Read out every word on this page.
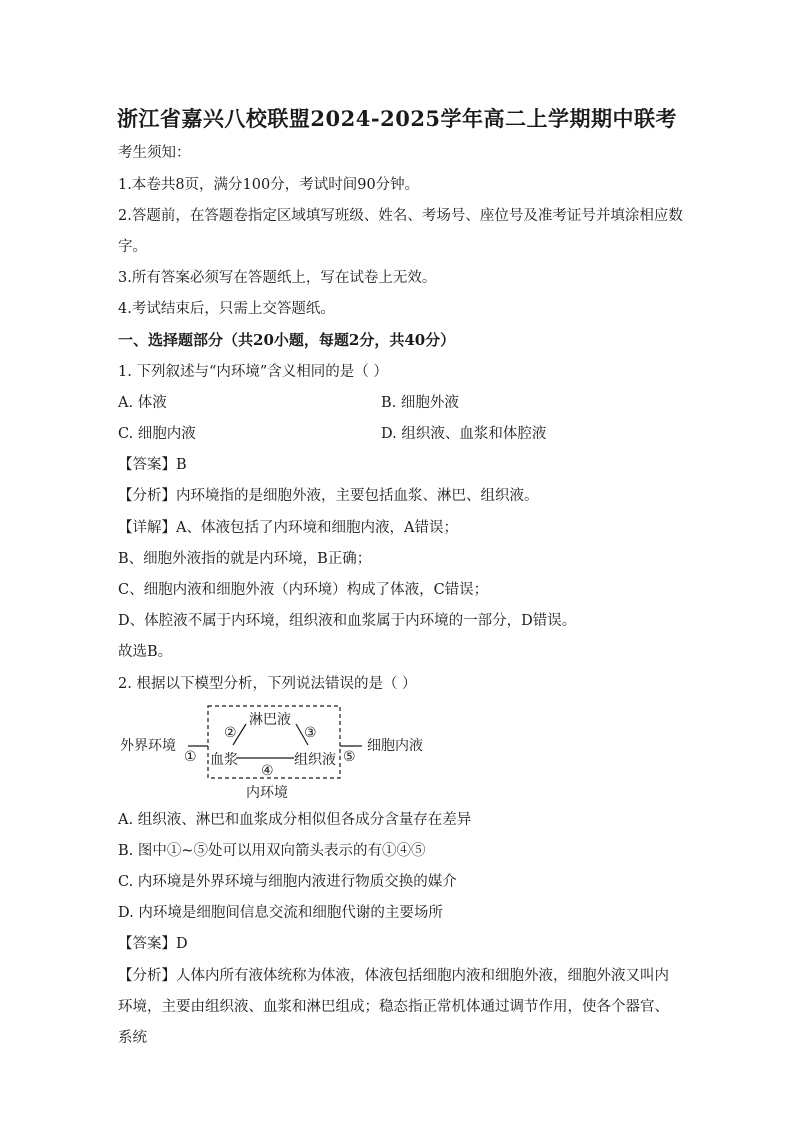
浙江省嘉兴八校联盟2024-2025学年高二上学期期中联考
考生须知：
1.本卷共8页，满分100分，考试时间90分钟。
2.答题前，在答题卷指定区域填写班级、姓名、考场号、座位号及准考证号并填涂相应数
字。
3.所有答案必须写在答题纸上，写在试卷上无效。
4.考试结束后，只需上交答题纸。
一、选择题部分（共20小题，每题2分，共40分）
1. 下列叙述与“内环境”含义相同的是（ ）
A. 体液	B. 细胞外液
C. 细胞内液	D. 组织液、血浆和体腔液
【答案】B
【分析】内环境指的是细胞外液，主要包括血浆、淋巴、组织液。
【详解】A、体液包括了内环境和细胞内液，A错误；
B、细胞外液指的就是内环境，B正确；
C、细胞内液和细胞外液（内环境）构成了体液，C错误；
D、体腔液不属于内环境，组织液和血浆属于内环境的一部分，D错误。
故选B。
2. 根据以下模型分析，下列说法错误的是（ ）
外界环境
淋巴液
血浆	组织液
细胞内液
内环境
①
②	③
④
⑤
A. 组织液、淋巴和血浆成分相似但各成分含量存在差异
B. 图中①~⑤处可以用双向箭头表示的有①④⑤
C. 内环境是外界环境与细胞内液进行物质交换的媒介
D. 内环境是细胞间信息交流和细胞代谢的主要场所
【答案】D
【分析】人体内所有液体统称为体液，体液包括细胞内液和细胞外液，细胞外液又叫内环境，主要由组织液、血浆和淋巴组成；稳态指正常机体通过调节作用，使各个器官、系统
